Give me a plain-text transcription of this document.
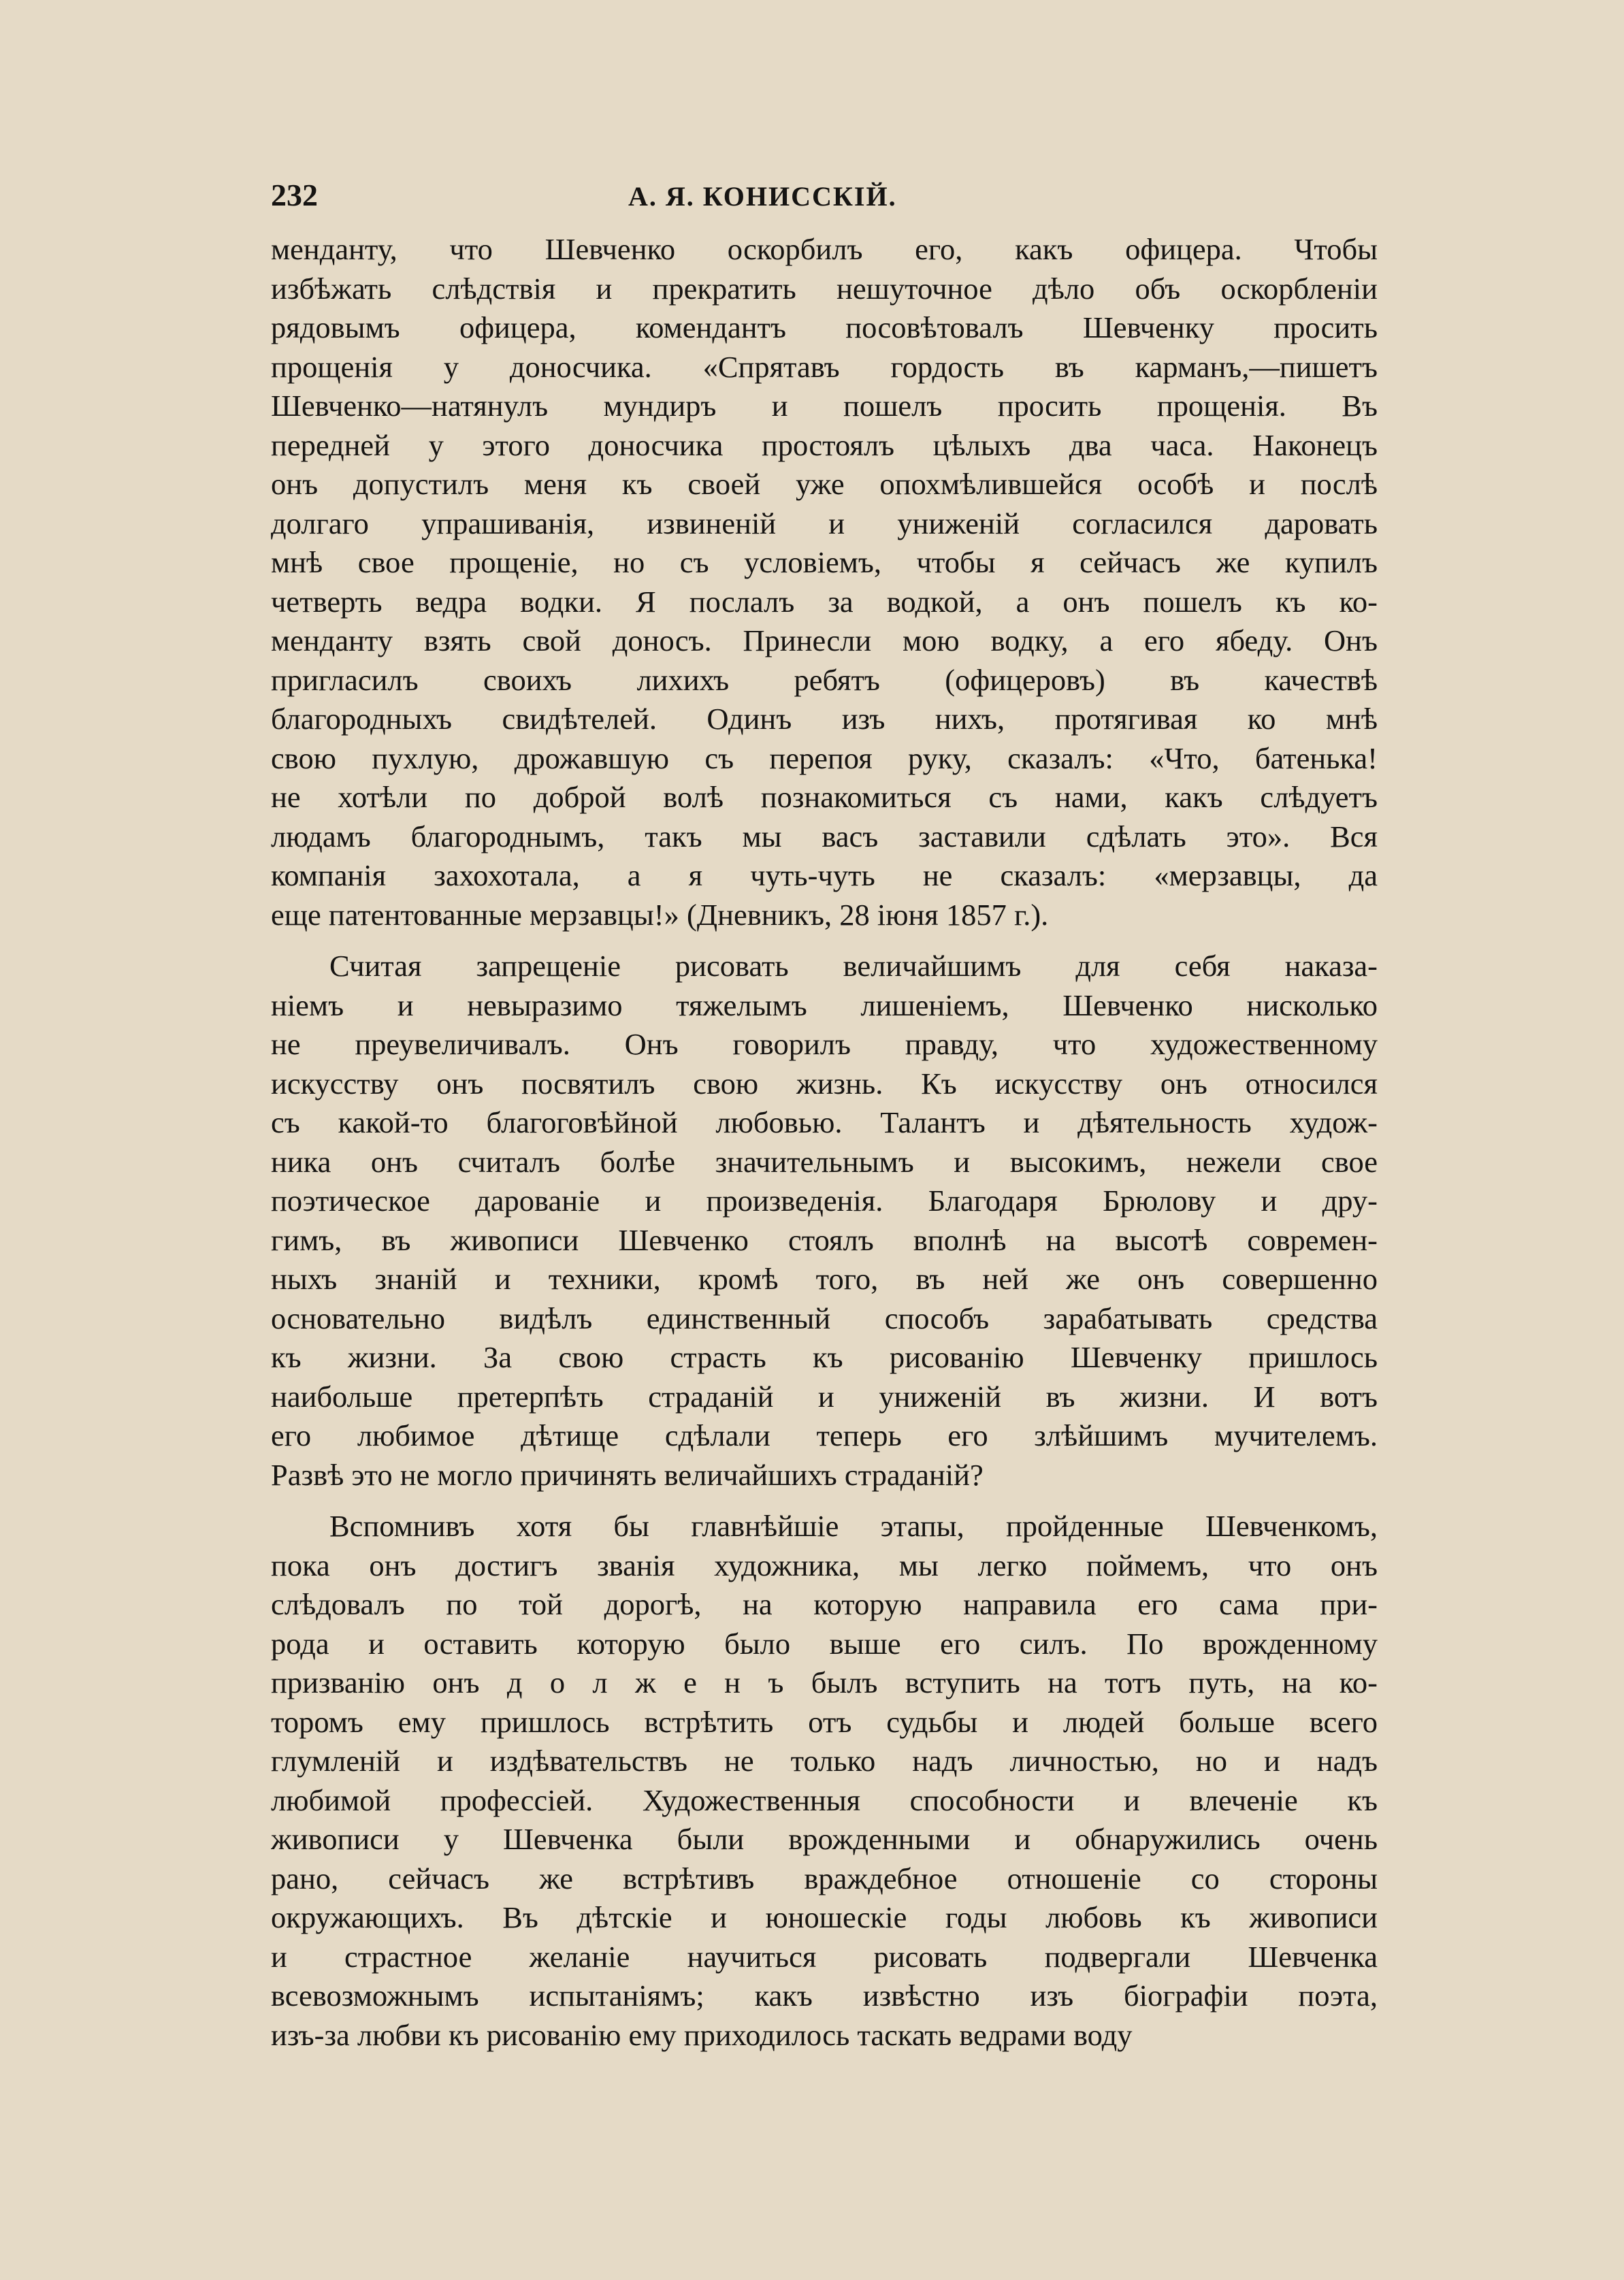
232	А. Я. КОНИССКІЙ.
менданту, что Шевченко оскорбилъ его, какъ офицера. Чтобы
избѣжать слѣдствія и прекратить нешуточное дѣло объ оскорбленіи
рядовымъ офицера, комендантъ посовѣтовалъ Шевченку просить
прощенія у доносчика. «Спрятавъ гордость въ карманъ,—пишетъ
Шевченко—натянулъ мундиръ и пошелъ просить прощенія. Въ
передней у этого доносчика простоялъ цѣлыхъ два часа. Наконецъ
онъ допустилъ меня къ своей уже опохмѣлившейся особѣ и послѣ
долгаго упрашиванія, извиненій и униженій согласился даровать
мнѣ свое прощеніе, но съ условіемъ, чтобы я сейчасъ же купилъ
четверть ведра водки. Я послалъ за водкой, а онъ пошелъ къ ко-
менданту взять свой доносъ. Принесли мою водку, а его ябеду. Онъ
пригласилъ своихъ лихихъ ребятъ (офицеровъ) въ качествѣ
благородныхъ свидѣтелей. Одинъ изъ нихъ, протягивая ко мнѣ
свою пухлую, дрожавшую съ перепоя руку, сказалъ: «Что, батенька!
не хотѣли по доброй волѣ познакомиться съ нами, какъ слѣдуетъ
людамъ благороднымъ, такъ мы васъ заставили сдѣлать это». Вся
компанія захохотала, а я чуть-чуть не сказалъ: «мерзавцы, да
еще патентованные мерзавцы!» (Дневникъ, 28 іюня 1857 г.).
Считая запрещеніе рисовать величайшимъ для себя наказа-
ніемъ и невыразимо тяжелымъ лишеніемъ, Шевченко нисколько
не преувеличивалъ. Онъ говорилъ правду, что художественному
искусству онъ посвятилъ свою жизнь. Къ искусству онъ относился
съ какой-то благоговѣйной любовью. Талантъ и дѣятельность худож-
ника онъ считалъ болѣе значительнымъ и высокимъ, нежели свое
поэтическое дарованіе и произведенія. Благодаря Брюлову и дру-
гимъ, въ живописи Шевченко стоялъ вполнѣ на высотѣ современ-
ныхъ знаній и техники, кромѣ того, въ ней же онъ совершенно
основательно видѣлъ единственный способъ зарабатывать средства
къ жизни. За свою страсть къ рисованію Шевченку пришлось
наибольше претерпѣть страданій и униженій въ жизни. И вотъ
его любимое дѣтище сдѣлали теперь его злѣйшимъ мучителемъ.
Развѣ это не могло причинять величайшихъ страданій?
Вспомнивъ хотя бы главнѣйшіе этапы, пройденные Шевченкомъ,
пока онъ достигъ званія художника, мы легко поймемъ, что онъ
слѣдовалъ по той дорогѣ, на которую направила его сама при-
рода и оставить которую было выше его силъ. По врожденному
призванію онъ д о л ж е н ъ былъ вступить на тотъ путь, на ко-
торомъ ему пришлось встрѣтить отъ судьбы и людей больше всего
глумленій и издѣвательствъ не только надъ личностью, но и надъ
любимой профессіей. Художественныя способности и влеченіе къ
живописи у Шевченка были врожденными и обнаружились очень
рано, сейчасъ же встрѣтивъ враждебное отношеніе со стороны
окружающихъ. Въ дѣтскіе и юношескіе годы любовь къ живописи
и страстное желаніе научиться рисовать подвергали Шевченка
всевозможнымъ испытаніямъ; какъ извѣстно изъ біографіи поэта,
изъ-за любви къ рисованію ему приходилось таскать ведрами воду
